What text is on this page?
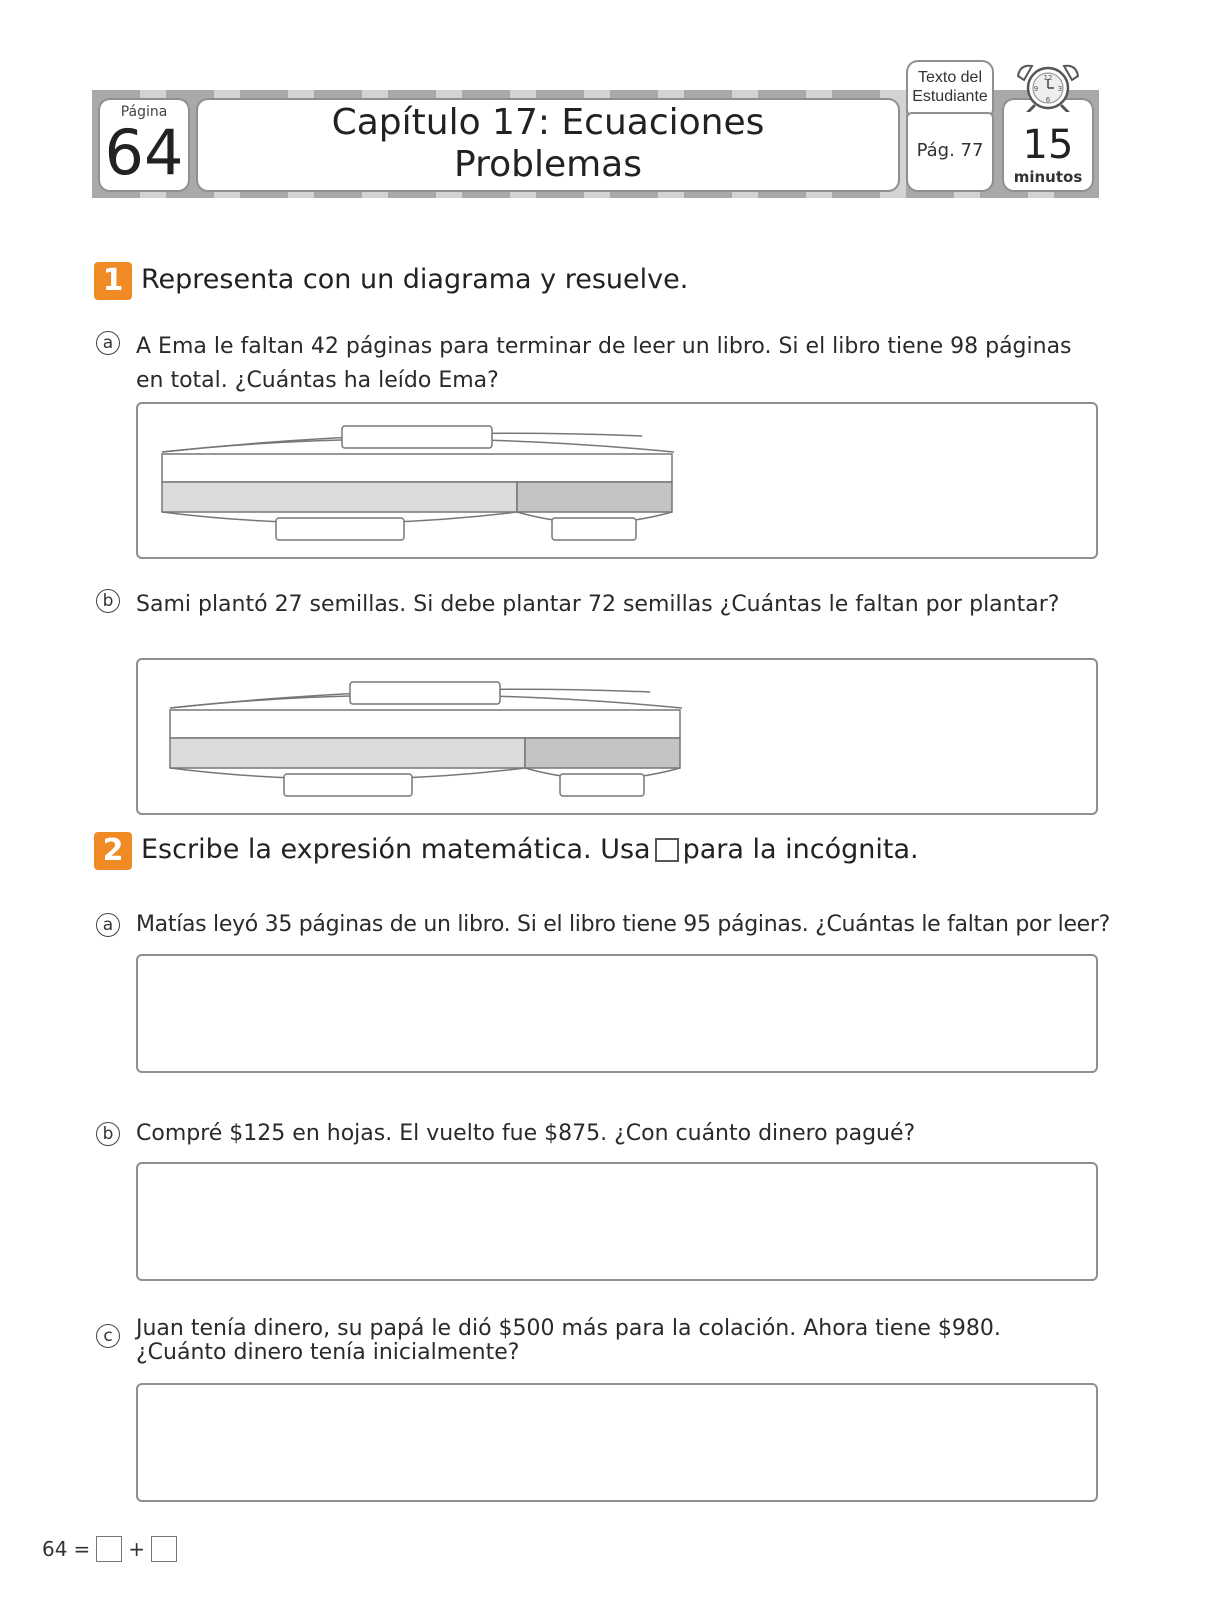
Página
64	Capítulo 17: Ecuaciones
Problemas
Texto del
Estudiante
Pág. 77 15
minutos
12
3
6
9
1 Representa con un diagrama y resuelve.
a	A Ema le faltan 42 páginas para terminar de leer un libro. Si el libro tiene 98 páginas en total. ¿Cuántas ha leído Ema?
b	Sami plantó 27 semillas. Si debe plantar 72 semillas ¿Cuántas le faltan por plantar?
2 Escribe la expresión matemática. Usa para la incógnita.
a	Matías leyó 35 páginas de un libro. Si el libro tiene 95 páginas. ¿Cuántas le faltan por leer?
b	Compré $125 en hojas. El vuelto fue $875. ¿Con cuánto dinero pagué?
c	Juan tenía dinero, su papá le dió $500 más para la colación. Ahora tiene $980. ¿Cuánto dinero tenía inicialmente?
64 = +
